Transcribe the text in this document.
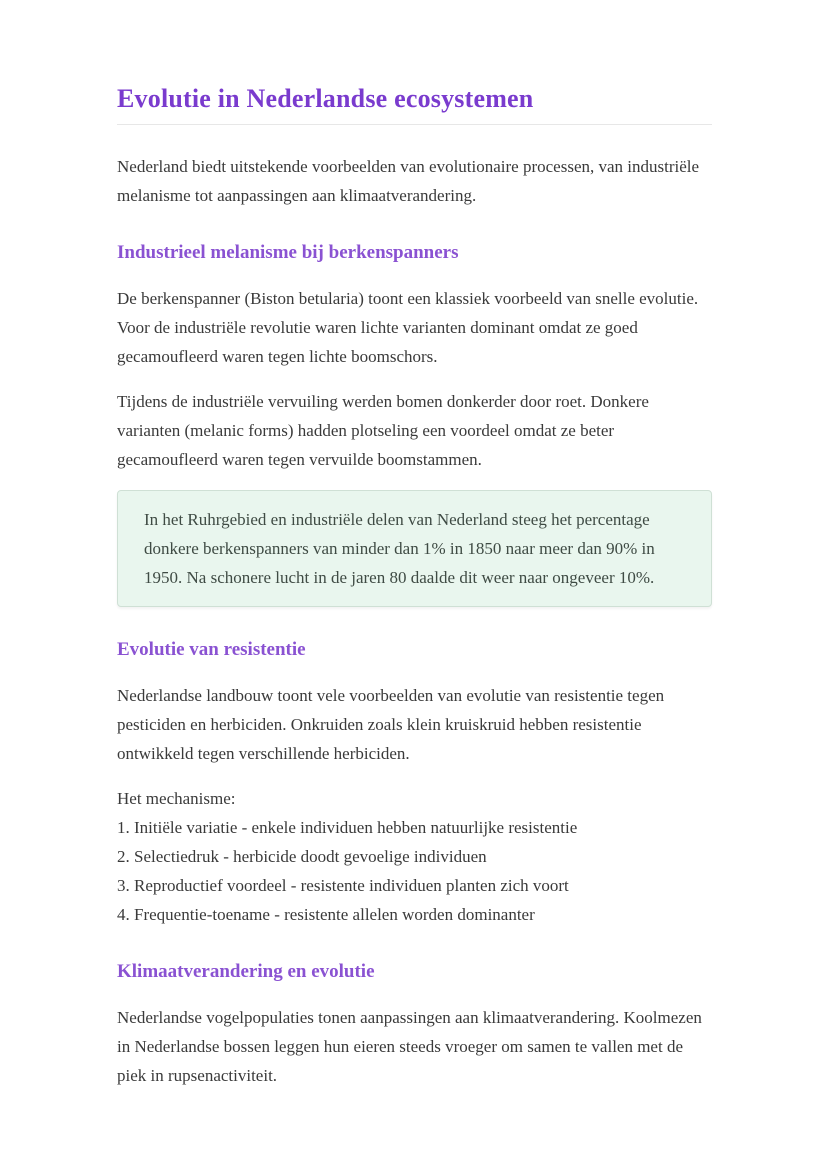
Evolutie in Nederlandse ecosystemen

Nederland biedt uitstekende voorbeelden van evolutionaire processen, van industriële melanisme tot aanpassingen aan klimaatverandering.

Industrieel melanisme bij berkenspanners

De berkenspanner (Biston betularia) toont een klassiek voorbeeld van snelle evolutie. Voor de industriële revolutie waren lichte varianten dominant omdat ze goed gecamoufleerd waren tegen lichte boomschors.

Tijdens de industriële vervuiling werden bomen donkerder door roet. Donkere varianten (melanic forms) hadden plotseling een voordeel omdat ze beter gecamoufleerd waren tegen vervuilde boomstammen.

In het Ruhrgebied en industriële delen van Nederland steeg het percentage donkere berkenspanners van minder dan 1% in 1850 naar meer dan 90% in 1950. Na schonere lucht in de jaren 80 daalde dit weer naar ongeveer 10%.

Evolutie van resistentie

Nederlandse landbouw toont vele voorbeelden van evolutie van resistentie tegen pesticiden en herbiciden. Onkruiden zoals klein kruiskruid hebben resistentie ontwikkeld tegen verschillende herbiciden.

Het mechanisme:
1. Initiële variatie - enkele individuen hebben natuurlijke resistentie
2. Selectiedruk - herbicide doodt gevoelige individuen
3. Reproductief voordeel - resistente individuen planten zich voort
4. Frequentie-toename - resistente allelen worden dominanter
Klimaatverandering en evolutie

Nederlandse vogelpopulaties tonen aanpassingen aan klimaatverandering. Koolmezen in Nederlandse bossen leggen hun eieren steeds vroeger om samen te vallen met de piek in rupsenactiviteit.
